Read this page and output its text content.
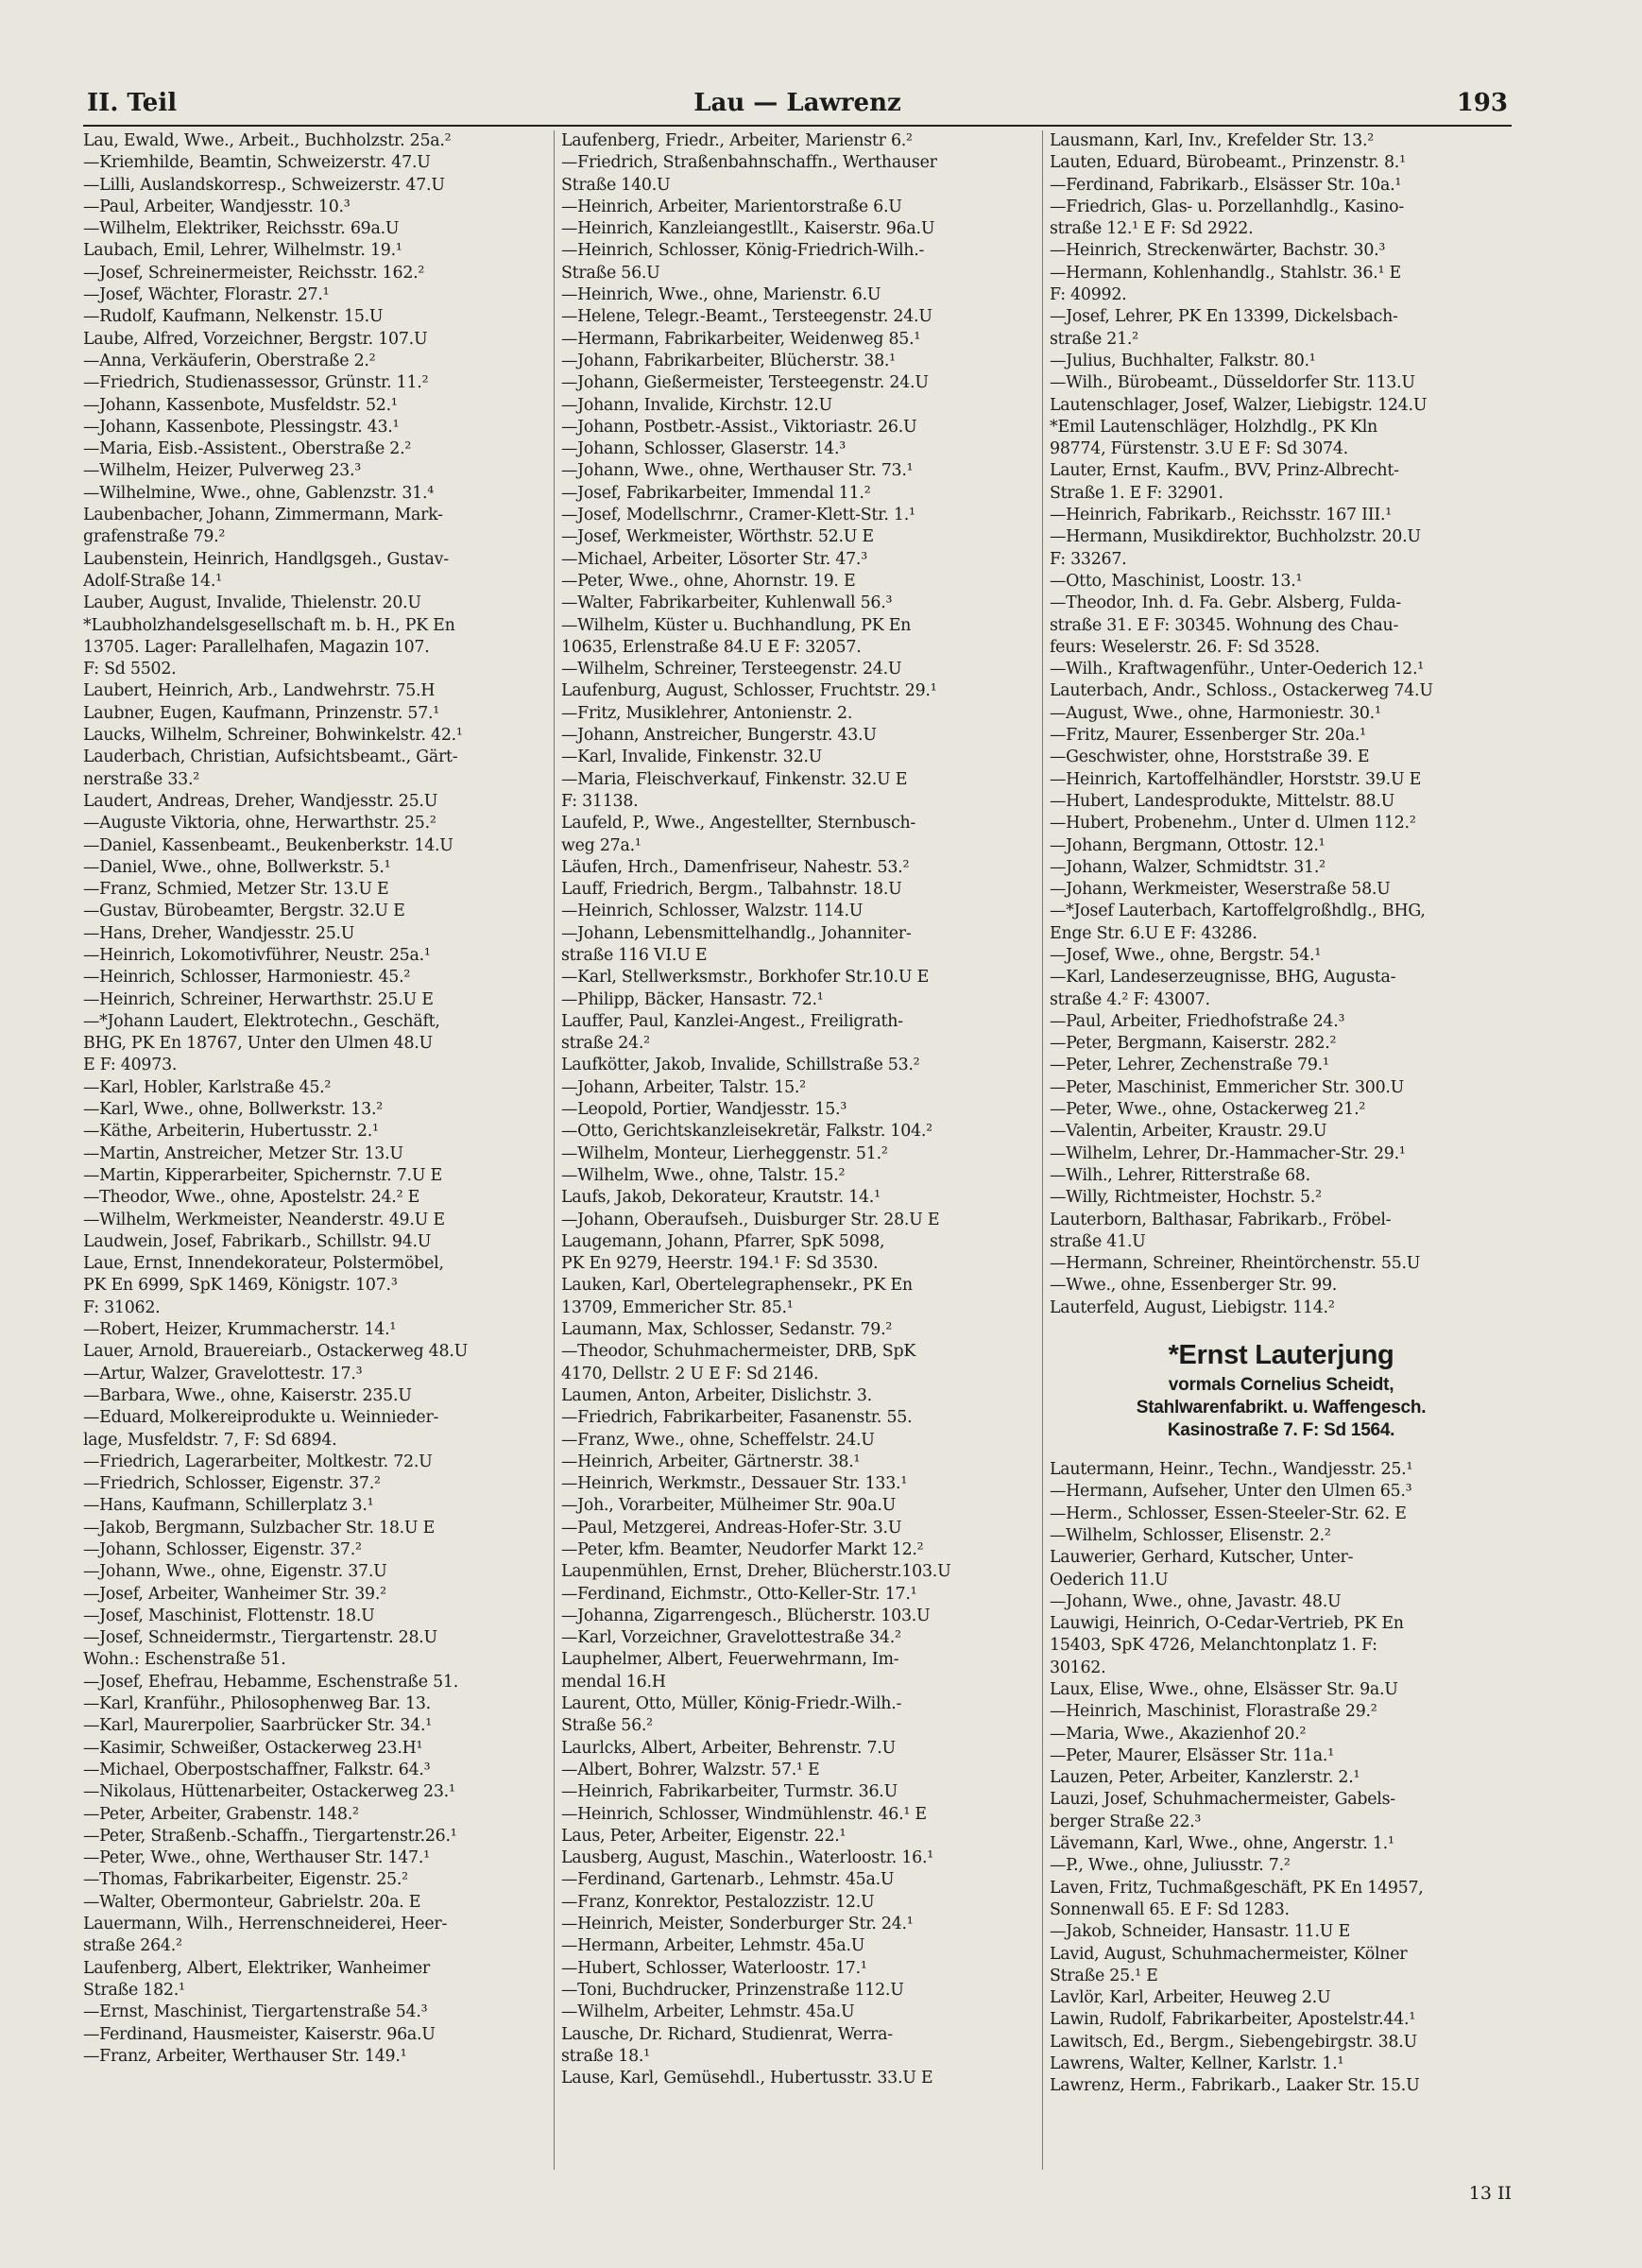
II. Teil	Lau — Lawrenz	193

Lau, Ewald, Wwe., Arbeit., Buchholzstr. 25a.²

—Kriemhilde, Beamtin, Schweizerstr. 47.U

—Lilli, Auslandskorresp., Schweizerstr. 47.U

—Paul, Arbeiter, Wandjesstr. 10.³

—Wilhelm, Elektriker, Reichsstr. 69a.U

Laubach, Emil, Lehrer, Wilhelmstr. 19.¹

—Josef, Schreinermeister, Reichsstr. 162.²

—Josef, Wächter, Florastr. 27.¹

—Rudolf, Kaufmann, Nelkenstr. 15.U

Laube, Alfred, Vorzeichner, Bergstr. 107.U

—Anna, Verkäuferin, Oberstraße 2.²

—Friedrich, Studienassessor, Grünstr. 11.²

—Johann, Kassenbote, Musfeldstr. 52.¹

—Johann, Kassenbote, Plessingstr. 43.¹

—Maria, Eisb.-Assistent., Oberstraße 2.²

—Wilhelm, Heizer, Pulverweg 23.³

—Wilhelmine, Wwe., ohne, Gablenzstr. 31.⁴

Laubenbacher, Johann, Zimmermann, Mark-

grafenstraße 79.²

Laubenstein, Heinrich, Handlgsgeh., Gustav-

Adolf-Straße 14.¹

Lauber, August, Invalide, Thielenstr. 20.U

*Laubholzhandelsgesellschaft m. b. H., PK En

13705. Lager: Parallelhafen, Magazin 107.

F: Sd 5502.

Laubert, Heinrich, Arb., Landwehrstr. 75.H

Laubner, Eugen, Kaufmann, Prinzenstr. 57.¹

Laucks, Wilhelm, Schreiner, Bohwinkelstr. 42.¹

Lauderbach, Christian, Aufsichtsbeamt., Gärt-

nerstraße 33.²

Laudert, Andreas, Dreher, Wandjesstr. 25.U

—Auguste Viktoria, ohne, Herwarthstr. 25.²

—Daniel, Kassenbeamt., Beukenberkstr. 14.U

—Daniel, Wwe., ohne, Bollwerkstr. 5.¹

—Franz, Schmied, Metzer Str. 13.U E

—Gustav, Bürobeamter, Bergstr. 32.U E

—Hans, Dreher, Wandjesstr. 25.U

—Heinrich, Lokomotivführer, Neustr. 25a.¹

—Heinrich, Schlosser, Harmoniestr. 45.²

—Heinrich, Schreiner, Herwarthstr. 25.U E

—*Johann Laudert, Elektrotechn., Geschäft,

BHG, PK En 18767, Unter den Ulmen 48.U

E F: 40973.

—Karl, Hobler, Karlstraße 45.²

—Karl, Wwe., ohne, Bollwerkstr. 13.²

—Käthe, Arbeiterin, Hubertusstr. 2.¹

—Martin, Anstreicher, Metzer Str. 13.U

—Martin, Kipperarbeiter, Spichernstr. 7.U E

—Theodor, Wwe., ohne, Apostelstr. 24.² E

—Wilhelm, Werkmeister, Neanderstr. 49.U E

Laudwein, Josef, Fabrikarb., Schillstr. 94.U

Laue, Ernst, Innendekorateur, Polstermöbel,

PK En 6999, SpK 1469, Königstr. 107.³

F: 31062.

—Robert, Heizer, Krummacherstr. 14.¹

Lauer, Arnold, Brauereiarb., Ostackerweg 48.U

—Artur, Walzer, Gravelottestr. 17.³

—Barbara, Wwe., ohne, Kaiserstr. 235.U

—Eduard, Molkereiprodukte u. Weinnieder-

lage, Musfeldstr. 7, F: Sd 6894.

—Friedrich, Lagerarbeiter, Moltkestr. 72.U

—Friedrich, Schlosser, Eigenstr. 37.²

—Hans, Kaufmann, Schillerplatz 3.¹

—Jakob, Bergmann, Sulzbacher Str. 18.U E

—Johann, Schlosser, Eigenstr. 37.²

—Johann, Wwe., ohne, Eigenstr. 37.U

—Josef, Arbeiter, Wanheimer Str. 39.²

—Josef, Maschinist, Flottenstr. 18.U

—Josef, Schneidermstr., Tiergartenstr. 28.U

Wohn.: Eschenstraße 51.

—Josef, Ehefrau, Hebamme, Eschenstraße 51.

—Karl, Kranführ., Philosophenweg Bar. 13.

—Karl, Maurerpolier, Saarbrücker Str. 34.¹

—Kasimir, Schweißer, Ostackerweg 23.H¹

—Michael, Oberpostschaffner, Falkstr. 64.³

—Nikolaus, Hüttenarbeiter, Ostackerweg 23.¹

—Peter, Arbeiter, Grabenstr. 148.²

—Peter, Straßenb.-Schaffn., Tiergartenstr.26.¹

—Peter, Wwe., ohne, Werthauser Str. 147.¹

—Thomas, Fabrikarbeiter, Eigenstr. 25.²

—Walter, Obermonteur, Gabrielstr. 20a. E

Lauermann, Wilh., Herrenschneiderei, Heer-

straße 264.²

Laufenberg, Albert, Elektriker, Wanheimer

Straße 182.¹

—Ernst, Maschinist, Tiergartenstraße 54.³

—Ferdinand, Hausmeister, Kaiserstr. 96a.U

—Franz, Arbeiter, Werthauser Str. 149.¹

Laufenberg, Friedr., Arbeiter, Marienstr 6.²

—Friedrich, Straßenbahnschaffn., Werthauser

Straße 140.U

—Heinrich, Arbeiter, Marientorstraße 6.U

—Heinrich, Kanzleiangestllt., Kaiserstr. 96a.U

—Heinrich, Schlosser, König-Friedrich-Wilh.-

Straße 56.U

—Heinrich, Wwe., ohne, Marienstr. 6.U

—Helene, Telegr.-Beamt., Tersteegenstr. 24.U

—Hermann, Fabrikarbeiter, Weidenweg 85.¹

—Johann, Fabrikarbeiter, Blücherstr. 38.¹

—Johann, Gießermeister, Tersteegenstr. 24.U

—Johann, Invalide, Kirchstr. 12.U

—Johann, Postbetr.-Assist., Viktoriastr. 26.U

—Johann, Schlosser, Glaserstr. 14.³

—Johann, Wwe., ohne, Werthauser Str. 73.¹

—Josef, Fabrikarbeiter, Immendal 11.²

—Josef, Modellschrnr., Cramer-Klett-Str. 1.¹

—Josef, Werkmeister, Wörthstr. 52.U E

—Michael, Arbeiter, Lösorter Str. 47.³

—Peter, Wwe., ohne, Ahornstr. 19. E

—Walter, Fabrikarbeiter, Kuhlenwall 56.³

—Wilhelm, Küster u. Buchhandlung, PK En

10635, Erlenstraße 84.U E F: 32057.

—Wilhelm, Schreiner, Tersteegenstr. 24.U

Laufenburg, August, Schlosser, Fruchtstr. 29.¹

—Fritz, Musiklehrer, Antonienstr. 2.

—Johann, Anstreicher, Bungerstr. 43.U

—Karl, Invalide, Finkenstr. 32.U

—Maria, Fleischverkauf, Finkenstr. 32.U E

F: 31138.

Laufeld, P., Wwe., Angestellter, Sternbusch-

weg 27a.¹

Läufen, Hrch., Damenfriseur, Nahestr. 53.²

Lauff, Friedrich, Bergm., Talbahnstr. 18.U

—Heinrich, Schlosser, Walzstr. 114.U

—Johann, Lebensmittelhandlg., Johanniter-

straße 116 VI.U E

—Karl, Stellwerksmstr., Borkhofer Str.10.U E

—Philipp, Bäcker, Hansastr. 72.¹

Lauffer, Paul, Kanzlei-Angest., Freiligrath-

straße 24.²

Laufkötter, Jakob, Invalide, Schillstraße 53.²

—Johann, Arbeiter, Talstr. 15.²

—Leopold, Portier, Wandjesstr. 15.³

—Otto, Gerichtskanzleisekretär, Falkstr. 104.²

—Wilhelm, Monteur, Lierheggenstr. 51.²

—Wilhelm, Wwe., ohne, Talstr. 15.²

Laufs, Jakob, Dekorateur, Krautstr. 14.¹

—Johann, Oberaufseh., Duisburger Str. 28.U E

Laugemann, Johann, Pfarrer, SpK 5098,

PK En 9279, Heerstr. 194.¹ F: Sd 3530.

Lauken, Karl, Obertelegraphensekr., PK En

13709, Emmericher Str. 85.¹

Laumann, Max, Schlosser, Sedanstr. 79.²

—Theodor, Schuhmachermeister, DRB, SpK

4170, Dellstr. 2 U E F: Sd 2146.

Laumen, Anton, Arbeiter, Dislichstr. 3.

—Friedrich, Fabrikarbeiter, Fasanenstr. 55.

—Franz, Wwe., ohne, Scheffelstr. 24.U

—Heinrich, Arbeiter, Gärtnerstr. 38.¹

—Heinrich, Werkmstr., Dessauer Str. 133.¹

—Joh., Vorarbeiter, Mülheimer Str. 90a.U

—Paul, Metzgerei, Andreas-Hofer-Str. 3.U

—Peter, kfm. Beamter, Neudorfer Markt 12.²

Laupenmühlen, Ernst, Dreher, Blücherstr.103.U

—Ferdinand, Eichmstr., Otto-Keller-Str. 17.¹

—Johanna, Zigarrengesch., Blücherstr. 103.U

—Karl, Vorzeichner, Gravelottestraße 34.²

Lauphelmer, Albert, Feuerwehrmann, Im-

mendal 16.H

Laurent, Otto, Müller, König-Friedr.-Wilh.-

Straße 56.²

Laurlcks, Albert, Arbeiter, Behrenstr. 7.U

—Albert, Bohrer, Walzstr. 57.¹ E

—Heinrich, Fabrikarbeiter, Turmstr. 36.U

—Heinrich, Schlosser, Windmühlenstr. 46.¹ E

Laus, Peter, Arbeiter, Eigenstr. 22.¹

Lausberg, August, Maschin., Waterloostr. 16.¹

—Ferdinand, Gartenarb., Lehmstr. 45a.U

—Franz, Konrektor, Pestalozzistr. 12.U

—Heinrich, Meister, Sonderburger Str. 24.¹

—Hermann, Arbeiter, Lehmstr. 45a.U

—Hubert, Schlosser, Waterloostr. 17.¹

—Toni, Buchdrucker, Prinzenstraße 112.U

—Wilhelm, Arbeiter, Lehmstr. 45a.U

Lausche, Dr. Richard, Studienrat, Werra-

straße 18.¹

Lause, Karl, Gemüsehdl., Hubertusstr. 33.U E

Lausmann, Karl, Inv., Krefelder Str. 13.²

Lauten, Eduard, Bürobeamt., Prinzenstr. 8.¹

—Ferdinand, Fabrikarb., Elsässer Str. 10a.¹

—Friedrich, Glas- u. Porzellanhdlg., Kasino-

straße 12.¹ E F: Sd 2922.

—Heinrich, Streckenwärter, Bachstr. 30.³

—Hermann, Kohlenhandlg., Stahlstr. 36.¹ E

F: 40992.

—Josef, Lehrer, PK En 13399, Dickelsbach-

straße 21.²

—Julius, Buchhalter, Falkstr. 80.¹

—Wilh., Bürobeamt., Düsseldorfer Str. 113.U

Lautenschlager, Josef, Walzer, Liebigstr. 124.U

*Emil Lautenschläger, Holzhdlg., PK Kln

98774, Fürstenstr. 3.U E F: Sd 3074.

Lauter, Ernst, Kaufm., BVV, Prinz-Albrecht-

Straße 1. E F: 32901.

—Heinrich, Fabrikarb., Reichsstr. 167 III.¹

—Hermann, Musikdirektor, Buchholzstr. 20.U

F: 33267.

—Otto, Maschinist, Loostr. 13.¹

—Theodor, Inh. d. Fa. Gebr. Alsberg, Fulda-

straße 31. E F: 30345. Wohnung des Chau-

feurs: Weselerstr. 26. F: Sd 3528.

—Wilh., Kraftwagenführ., Unter-Oederich 12.¹

Lauterbach, Andr., Schloss., Ostackerweg 74.U

—August, Wwe., ohne, Harmoniestr. 30.¹

—Fritz, Maurer, Essenberger Str. 20a.¹

—Geschwister, ohne, Horststraße 39. E

—Heinrich, Kartoffelhändler, Horststr. 39.U E

—Hubert, Landesprodukte, Mittelstr. 88.U

—Hubert, Probenehm., Unter d. Ulmen 112.²

—Johann, Bergmann, Ottostr. 12.¹

—Johann, Walzer, Schmidtstr. 31.²

—Johann, Werkmeister, Weserstraße 58.U

—*Josef Lauterbach, Kartoffelgroßhdlg., BHG,

Enge Str. 6.U E F: 43286.

—Josef, Wwe., ohne, Bergstr. 54.¹

—Karl, Landeserzeugnisse, BHG, Augusta-

straße 4.² F: 43007.

—Paul, Arbeiter, Friedhofstraße 24.³

—Peter, Bergmann, Kaiserstr. 282.²

—Peter, Lehrer, Zechenstraße 79.¹

—Peter, Maschinist, Emmericher Str. 300.U

—Peter, Wwe., ohne, Ostackerweg 21.²

—Valentin, Arbeiter, Kraustr. 29.U

—Wilhelm, Lehrer, Dr.-Hammacher-Str. 29.¹

—Wilh., Lehrer, Ritterstraße 68.

—Willy, Richtmeister, Hochstr. 5.²

Lauterborn, Balthasar, Fabrikarb., Fröbel-

straße 41.U

—Hermann, Schreiner, Rheintörchenstr. 55.U

—Wwe., ohne, Essenberger Str. 99.

Lauterfeld, August, Liebigstr. 114.²

*Ernst Lauterjung
vormals Cornelius Scheidt,
Stahlwarenfabrikt. u. Waffengesch.
Kasinostraße 7. F: Sd 1564.

Lautermann, Heinr., Techn., Wandjesstr. 25.¹

—Hermann, Aufseher, Unter den Ulmen 65.³

—Herm., Schlosser, Essen-Steeler-Str. 62. E

—Wilhelm, Schlosser, Elisenstr. 2.²

Lauwerier, Gerhard, Kutscher, Unter-

Oederich 11.U

—Johann, Wwe., ohne, Javastr. 48.U

Lauwigi, Heinrich, O-Cedar-Vertrieb, PK En

15403, SpK 4726, Melanchtonplatz 1. F:

30162.

Laux, Elise, Wwe., ohne, Elsässer Str. 9a.U

—Heinrich, Maschinist, Florastraße 29.²

—Maria, Wwe., Akazienhof 20.²

—Peter, Maurer, Elsässer Str. 11a.¹

Lauzen, Peter, Arbeiter, Kanzlerstr. 2.¹

Lauzi, Josef, Schuhmachermeister, Gabels-

berger Straße 22.³

Lävemann, Karl, Wwe., ohne, Angerstr. 1.¹

—P., Wwe., ohne, Juliusstr. 7.²

Laven, Fritz, Tuchmaßgeschäft, PK En 14957,

Sonnenwall 65. E F: Sd 1283.

—Jakob, Schneider, Hansastr. 11.U E

Lavid, August, Schuhmachermeister, Kölner

Straße 25.¹ E

Lavlör, Karl, Arbeiter, Heuweg 2.U

Lawin, Rudolf, Fabrikarbeiter, Apostelstr.44.¹

Lawitsch, Ed., Bergm., Siebengebirgstr. 38.U

Lawrens, Walter, Kellner, Karlstr. 1.¹

Lawrenz, Herm., Fabrikarb., Laaker Str. 15.U

13 II
